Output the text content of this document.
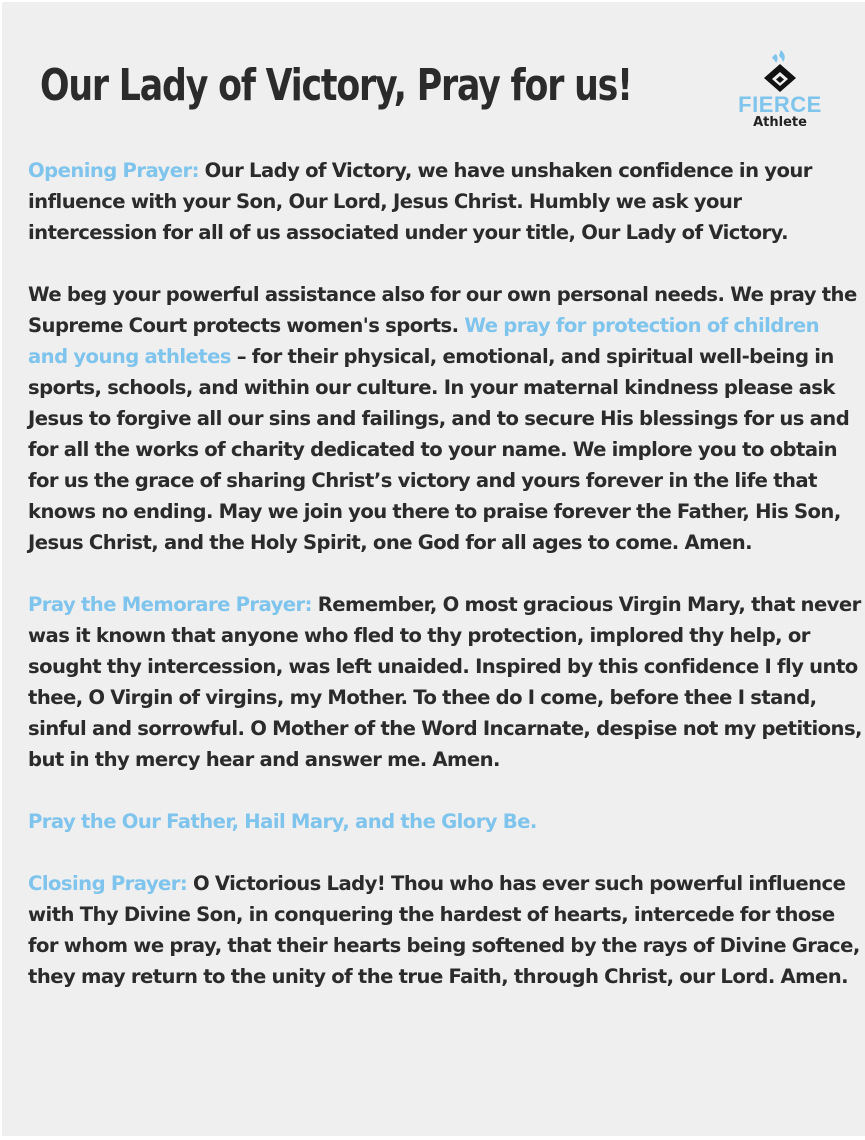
Our Lady of Victory, Pray for us!	FIERCE
Athlete

Opening Prayer: Our Lady of Victory, we have unshaken confidence in your influence with your Son, Our Lord, Jesus Christ. Humbly we ask your intercession for all of us associated under your title, Our Lady of Victory.

We beg your powerful assistance also for our own personal needs. We pray the Supreme Court protects women's sports. We pray for protection of children and young athletes – for their physical, emotional, and spiritual well-being in sports, schools, and within our culture. In your maternal kindness please ask Jesus to forgive all our sins and failings, and to secure His blessings for us and for all the works of charity dedicated to your name. We implore you to obtain for us the grace of sharing Christ’s victory and yours forever in the life that knows no ending. May we join you there to praise forever the Father, His Son, Jesus Christ, and the Holy Spirit, one God for all ages to come. Amen.

Pray the Memorare Prayer: Remember, O most gracious Virgin Mary, that never was it known that anyone who fled to thy protection, implored thy help, or sought thy intercession, was left unaided. Inspired by this confidence I fly unto thee, O Virgin of virgins, my Mother. To thee do I come, before thee I stand, sinful and sorrowful. O Mother of the Word Incarnate, despise not my petitions, but in thy mercy hear and answer me. Amen.

Pray the Our Father, Hail Mary, and the Glory Be.

Closing Prayer: O Victorious Lady! Thou who has ever such powerful influence with Thy Divine Son, in conquering the hardest of hearts, intercede for those for whom we pray, that their hearts being softened by the rays of Divine Grace, they may return to the unity of the true Faith, through Christ, our Lord. Amen.
